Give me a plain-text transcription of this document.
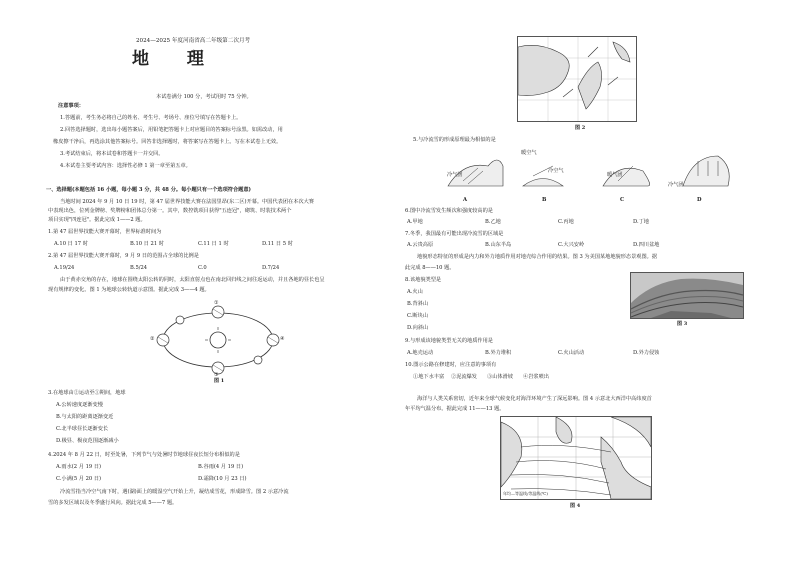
2024—2025 年度河南省高二年级第二次月考
地 理
本试卷满分 100 分，考试用时 75 分钟。
注意事项：
1.答题前，考生务必将自己的姓名、考生号、考场号、座位号填写在答题卡上。
2.回答选择题时，选出每小题答案后，用铅笔把答题卡上对应题目的答案标号涂黑。如需改动，用
橡皮擦干净后，再选涂其他答案标号。回答非选择题时，将答案写在答题卡上。写在本试卷上无效。
3.考试结束后，将本试卷和答题卡一并交回。
4.本试卷主要考试内容：选择性必修 1 第一章至第五章。
一、选择题(本题包括 16 小题，每小题 3 分，共 48 分。每小题只有一个选项符合题意)
当地时间 2024 年 9 月 10 日 19 时，第 47 届世界技能大赛在法国里昂(东二区)开幕。中国代表团在本次大赛
中表现出色，位列金牌榜、奖牌榜和团体总分第一。其中，数控铣项目获得"五连冠"，砌筑、时装技术两个
项目实现"四连冠"。据此完成 1——2 题。
1.第 47 届世界技能大赛开幕时，世界标准时间为
A.10 日 17 时	B.10 日 21 时	C.11 日 1 时	D.11 日 5 时
2.第 47 届世界技能大赛开幕时，9 月 9 日的范围占全球的比例是
A.19/24	B.5/24	C.0	D.7/24
由于黄赤交角的存在，地球在围绕太阳公转的同时，太阳直射点也在南北回归线之间往返运动，并且各地的昼长也呈
现有规律的变化。图 1 为地球公转轨道示意图。据此完成 3——4 题。
①
②
③
④
图 1
3.在地球由②运动至①期间，地球
A.公转速度逐渐变慢
B.与太阳的距离逐渐变近
C.北半球昼长逐渐变长
D.极昼、极夜范围逐渐减小
4.2024 年 8 月 22 日，时至处暑，下列节气与处暑时节地球昼夜长短分布相似的是
A.雨水(2 月 19 日)	B.谷雨(4 月 19 日)
C.小满(5 月 20 日)	D.霜降(10 月 23 日)
冷流雪指当冷空气南下时，遇(湖)面上的暖湿空气开始上升，凝结成雪花，形成降雪。图 2 示意冷流
雪的多发区域以及冬季盛行风向。据此完成 5——7 题。
图 2
5.与冷流雪的形成原理最为相似的是
冷气团
暖空气
冷空气
暖气团
冷气团
A	B	C	D
6.图中冷流雪发生频次和强度较高的是
A.甲地	B.乙地	C.丙地	D.丁地
7.冬季，我国最有可能出现冷流雪的区域是
A.云贵高原	B.山东半岛	C.大兴安岭	D.四川盆地
地貌形态特征的形成是内力和外力地质作用对地壳综合作用的结果。图 3 为美国某地地貌形态景观图。据
此完成 8——10 题。
图 3
8.该地貌类型是
A.火山
B.背斜山
C.断块山
D.向斜山
9.与形成该地貌类型无关的地质作用是
A.地壳运动	B.外力堆积	C.火山活动	D.外力侵蚀
10.图示公路在修建时，应注意的事项有
①地下水丰富 ②泥流爆发 ③山体滑坡 ④岩浆喷出
海洋与人类关系密切，近年来全球气候变化对海洋环境产生了深远影响。图 4 示意北大西洋中高纬度首
年平均气温分布。据此完成 11——13 题。
年均—等温线/等温线(℃)
图 4
